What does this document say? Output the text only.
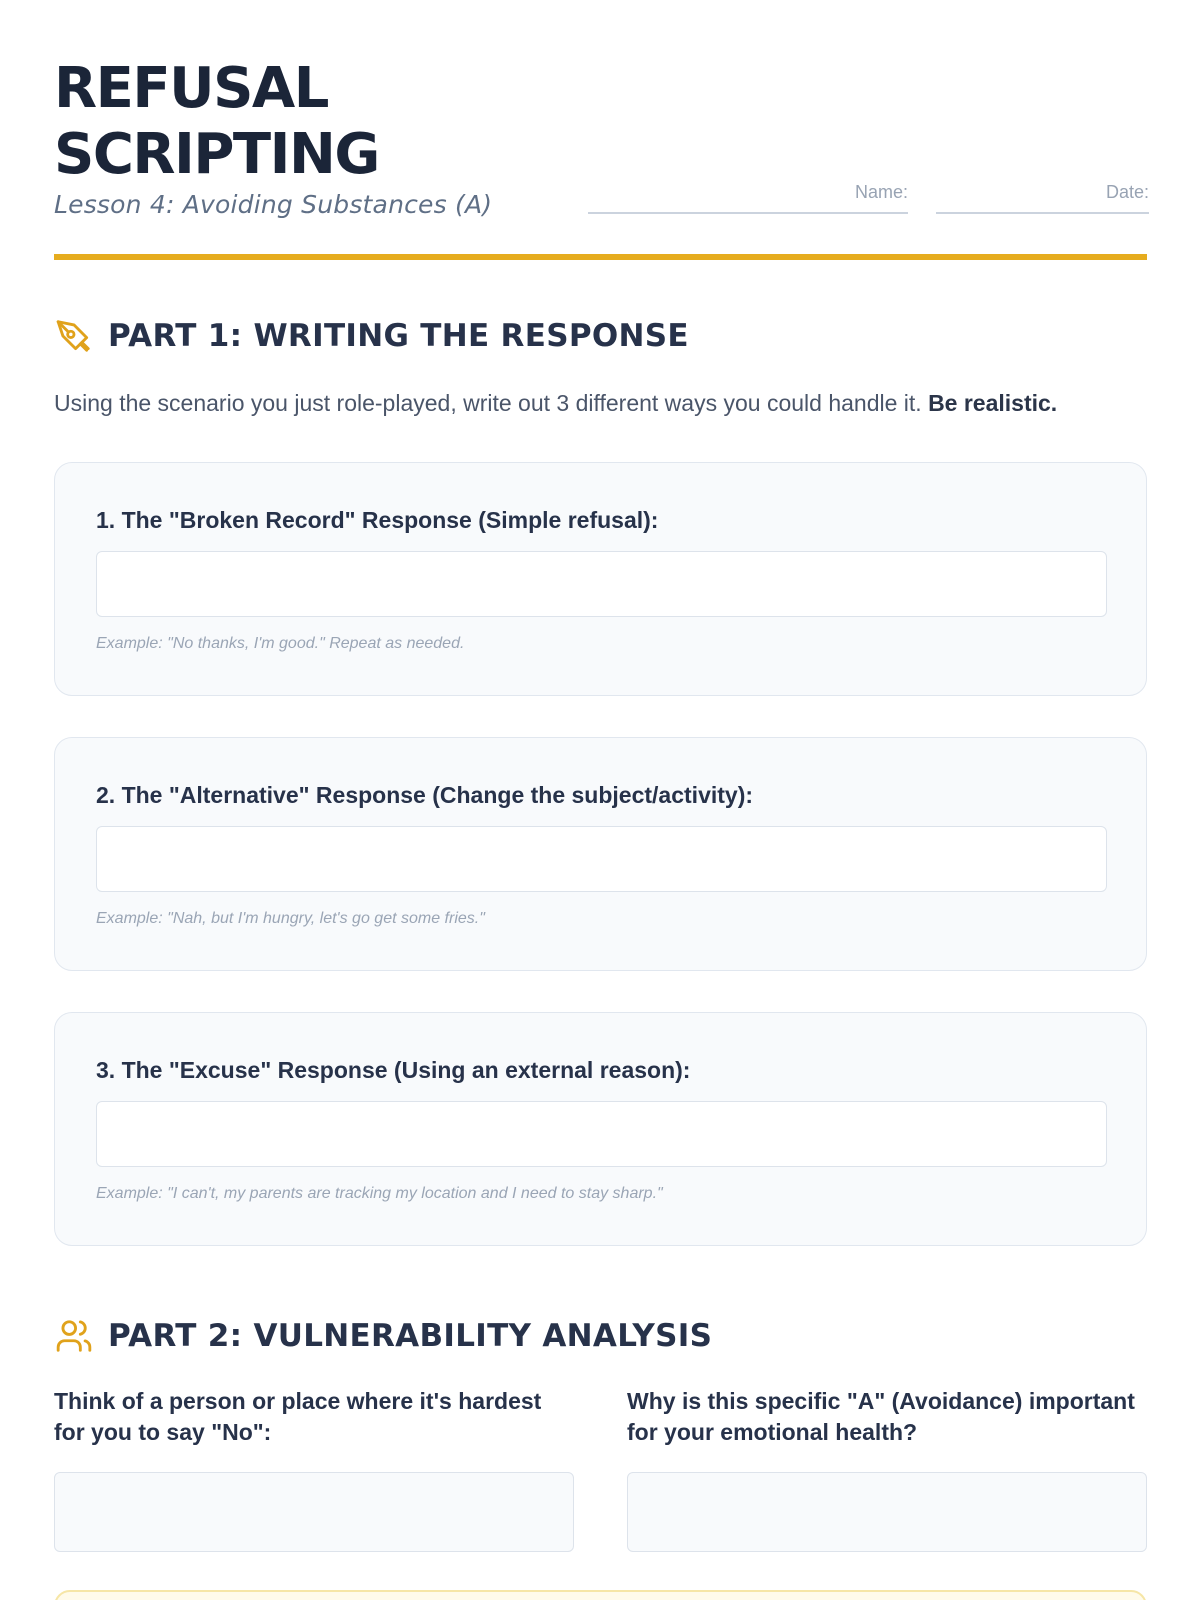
REFUSAL
SCRIPTING
Lesson 4: Avoiding Substances (A)	Name:	Date:
PART 1: WRITING THE RESPONSE

Using the scenario you just role-played, write out 3 different ways you could handle it. Be realistic.

1. The "Broken Record" Response (Simple refusal):
Example: "No thanks, I'm good." Repeat as needed.
2. The "Alternative" Response (Change the subject/activity):
Example: "Nah, but I'm hungry, let's go get some fries."
3. The "Excuse" Response (Using an external reason):
Example: "I can't, my parents are tracking my location and I need to stay sharp."
PART 2: VULNERABILITY ANALYSIS
Think of a person or place where it's hardest for you to say "No":
Why is this specific "A" (Avoidance) important for your emotional health?
